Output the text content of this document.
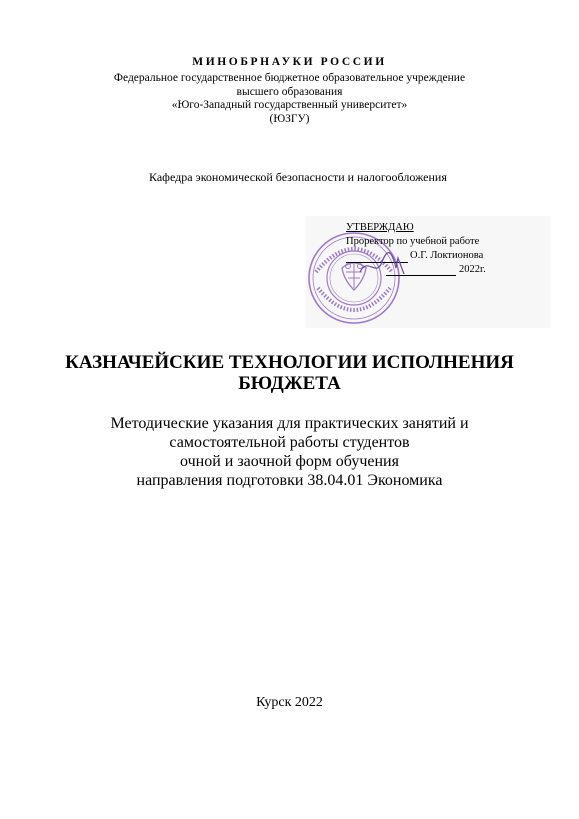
МИНОБРНАУКИ РОССИИ
Федеральное государственное бюджетное образовательное учреждение
высшего образования
«Юго-Западный государственный университет»
(ЮЗГУ)
Кафедра экономической безопасности и налогообложения
УТВЕРЖДАЮ
Проректор по учебной работе
О.Г. Локтионова
2022г.
КАЗНАЧЕЙСКИЕ ТЕХНОЛОГИИ ИСПОЛНЕНИЯ
БЮДЖЕТА
Методические указания для практических занятий и
самостоятельной работы студентов
очной и заочной форм обучения
направления подготовки 38.04.01 Экономика
Курск 2022
